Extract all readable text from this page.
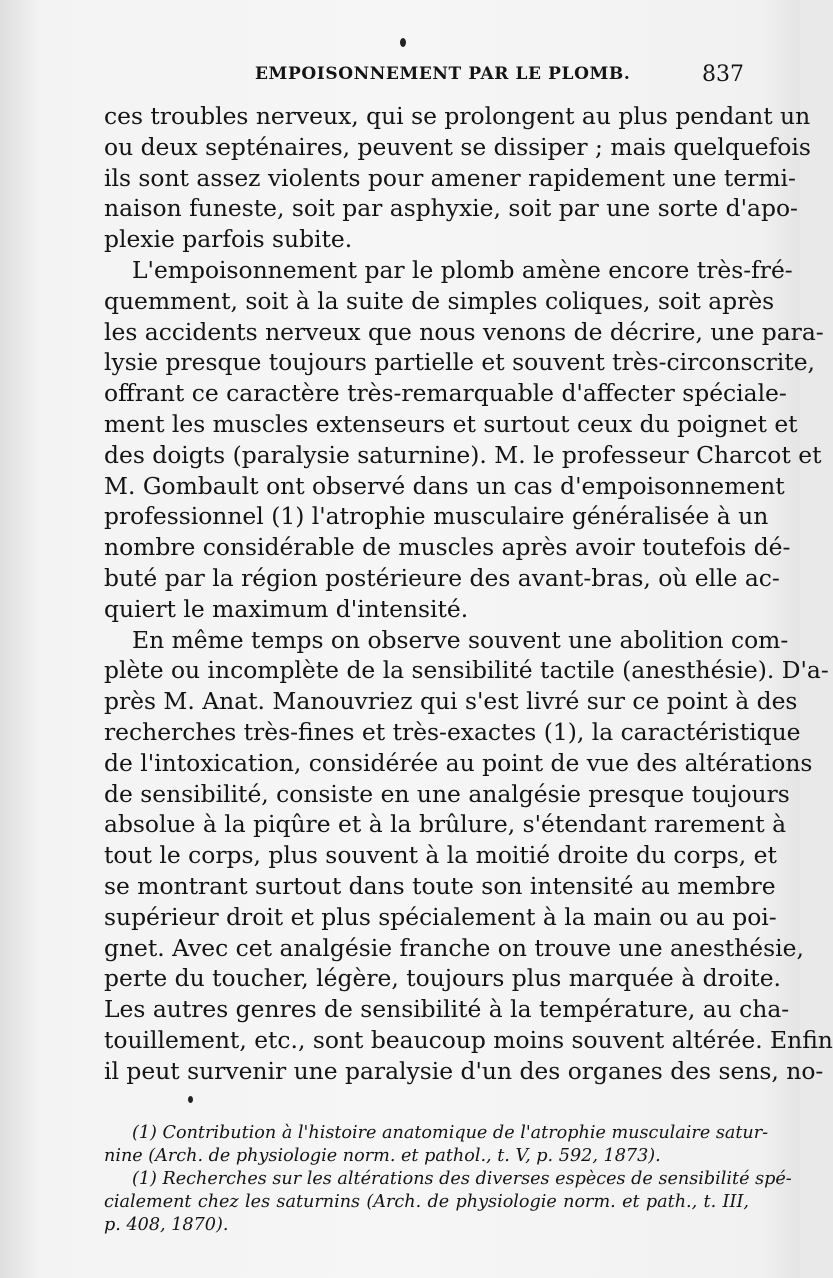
EMPOISONNEMENT PAR LE PLOMB.	837
ces troubles nerveux, qui se prolongent au plus pendant un
ou deux septénaires, peuvent se dissiper ; mais quelquefois
ils sont assez violents pour amener rapidement une termi-
naison funeste, soit par asphyxie, soit par une sorte d'apo-
plexie parfois subite.
L'empoisonnement par le plomb amène encore très-fré-
quemment, soit à la suite de simples coliques, soit après
les accidents nerveux que nous venons de décrire, une para-
lysie presque toujours partielle et souvent très-circonscrite,
offrant ce caractère très-remarquable d'affecter spéciale-
ment les muscles extenseurs et surtout ceux du poignet et
des doigts (paralysie saturnine). M. le professeur Charcot et
M. Gombault ont observé dans un cas d'empoisonnement
professionnel (1) l'atrophie musculaire généralisée à un
nombre considérable de muscles après avoir toutefois dé-
buté par la région postérieure des avant-bras, où elle ac-
quiert le maximum d'intensité.
En même temps on observe souvent une abolition com-
plète ou incomplète de la sensibilité tactile (anesthésie). D'a-
près M. Anat. Manouvriez qui s'est livré sur ce point à des
recherches très-fines et très-exactes (1), la caractéristique
de l'intoxication, considérée au point de vue des altérations
de sensibilité, consiste en une analgésie presque toujours
absolue à la piqûre et à la brûlure, s'étendant rarement à
tout le corps, plus souvent à la moitié droite du corps, et
se montrant surtout dans toute son intensité au membre
supérieur droit et plus spécialement à la main ou au poi-
gnet. Avec cet analgésie franche on trouve une anesthésie,
perte du toucher, légère, toujours plus marquée à droite.
Les autres genres de sensibilité à la température, au cha-
touillement, etc., sont beaucoup moins souvent altérée. Enfin
il peut survenir une paralysie d'un des organes des sens, no-
(1) Contribution à l'histoire anatomique de l'atrophie musculaire satur-
nine (Arch. de physiologie norm. et pathol., t. V, p. 592, 1873).
(1) Recherches sur les altérations des diverses espèces de sensibilité spé-
cialement chez les saturnins (Arch. de physiologie norm. et path., t. III,
p. 408, 1870).
